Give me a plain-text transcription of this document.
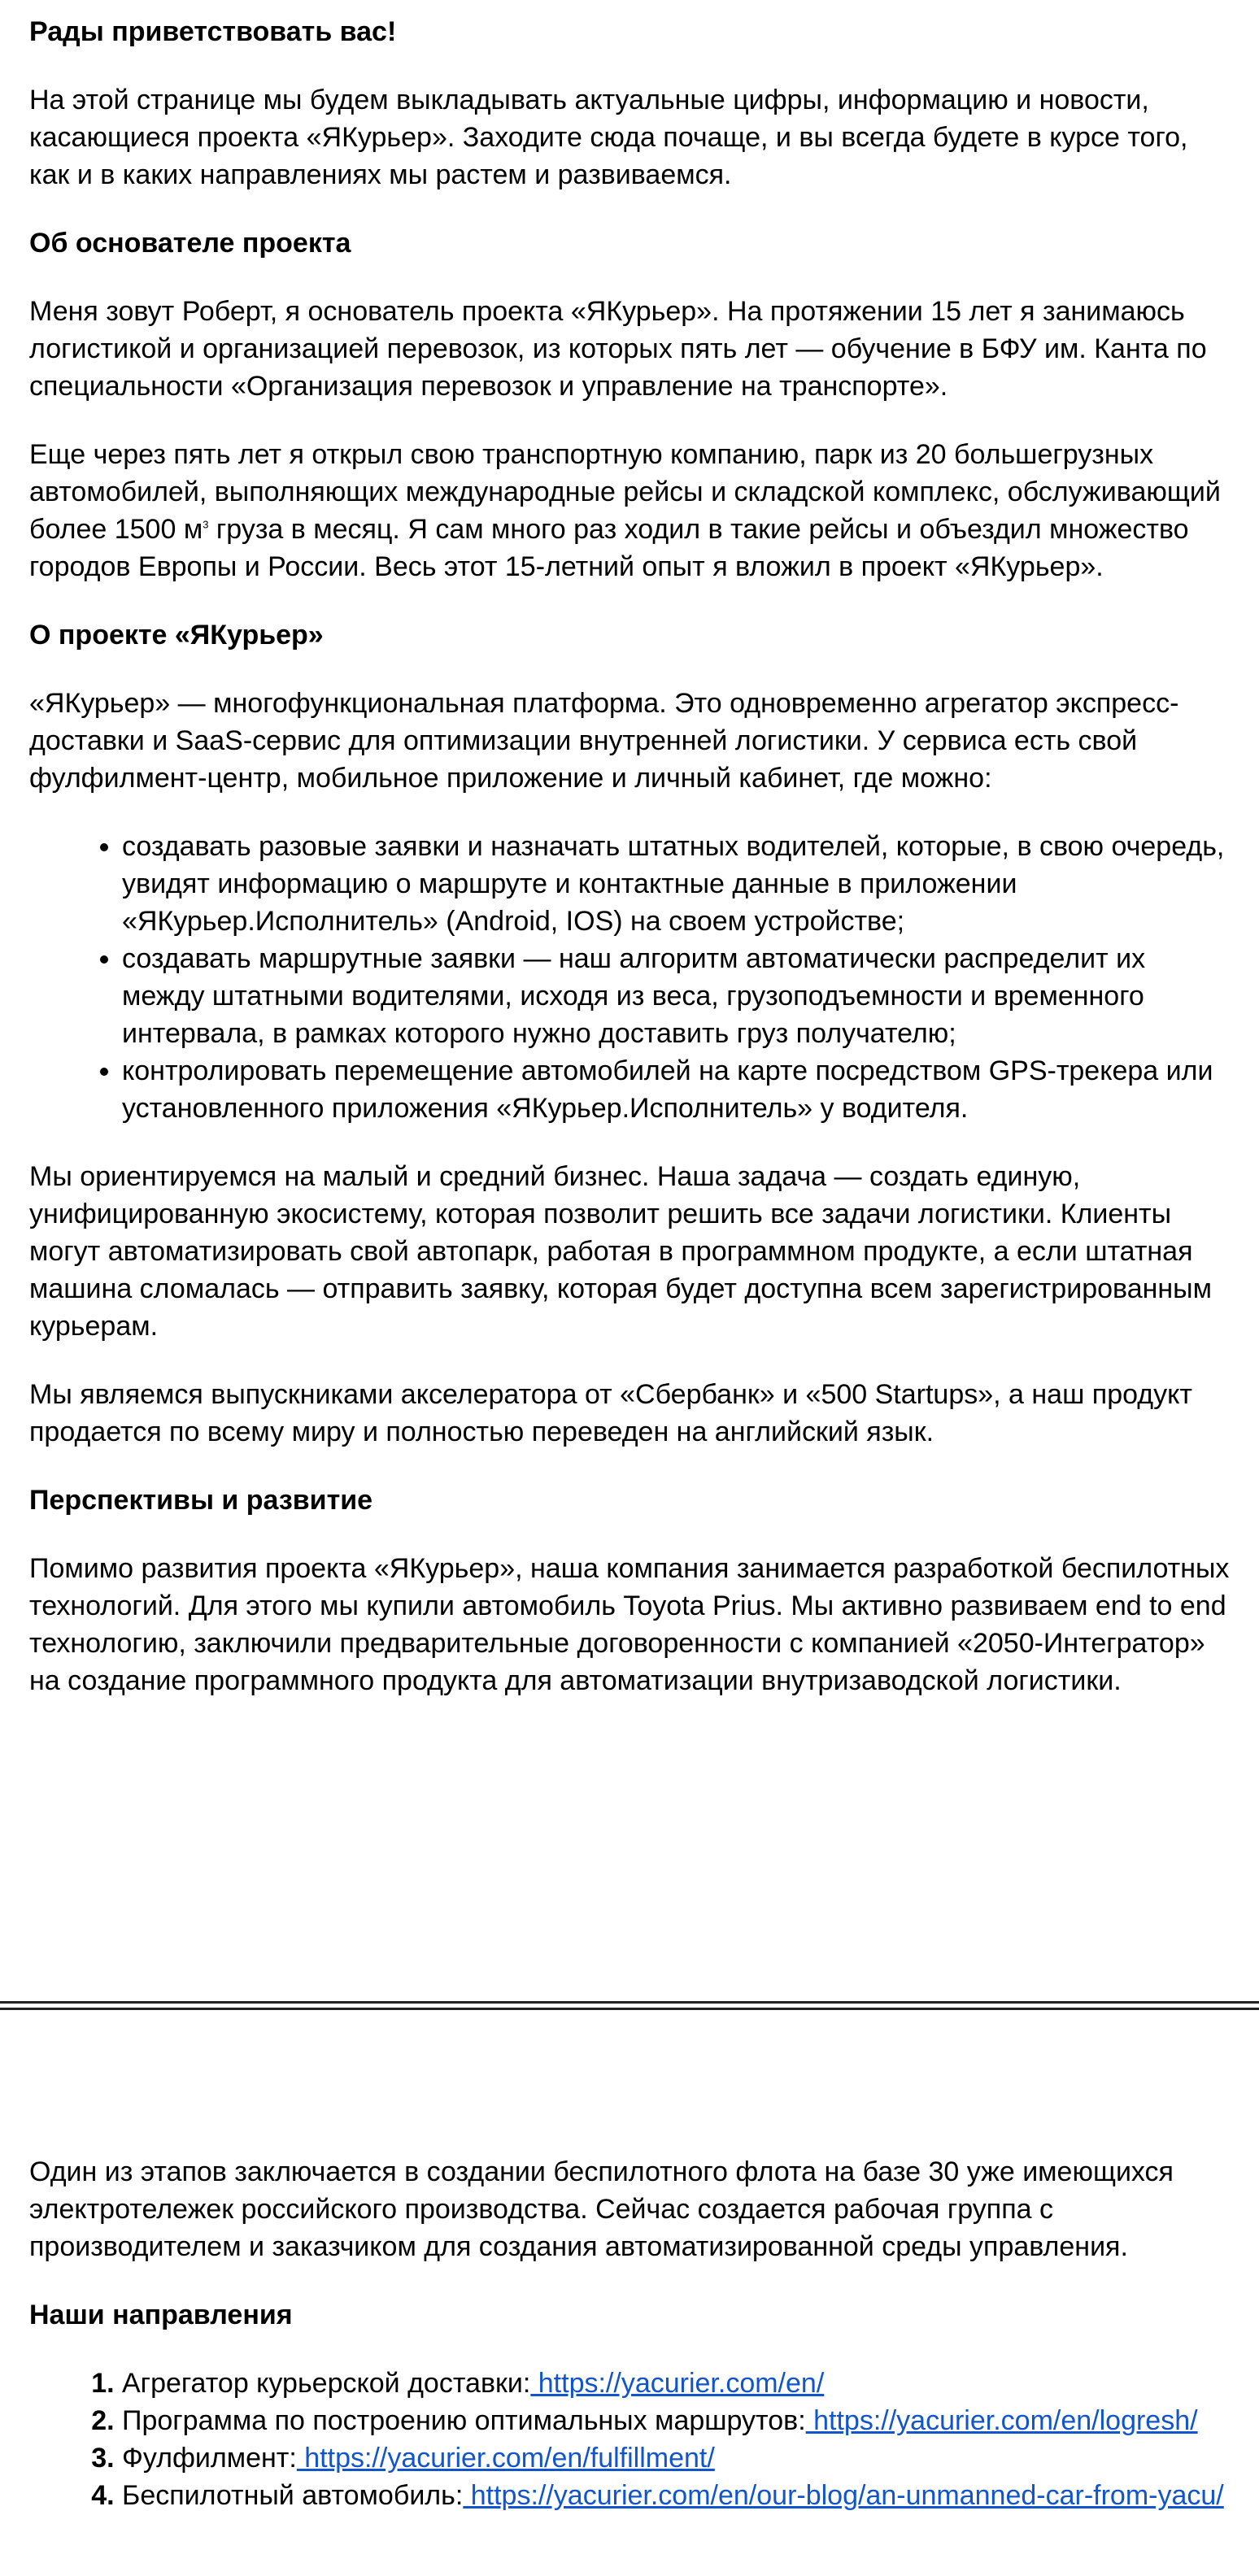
Рады приветствовать вас!

На этой странице мы будем выкладывать актуальные цифры, информацию и новости, касающиеся проекта «ЯКурьер». Заходите сюда почаще, и вы всегда будете в курсе того, как и в каких направлениях мы растем и развиваемся.

Об основателе проекта

Меня зовут Роберт, я основатель проекта «ЯКурьер». На протяжении 15 лет я занимаюсь логистикой и организацией перевозок, из которых пять лет — обучение в БФУ им. Канта по специальности «Организация перевозок и управление на транспорте».

Еще через пять лет я открыл свою транспортную компанию, парк из 20 большегрузных автомобилей, выполняющих международные рейсы и складской комплекс, обслуживающий более 1500 $м^3$ груза в месяц. Я сам много раз ходил в такие рейсы и объездил множество городов Европы и России. Весь этот 15-летний опыт я вложил в проект «ЯКурьер».

О проекте «ЯКурьер»

«ЯКурьер» — многофункциональная платформа. Это одновременно агрегатор экспресс-доставки и SaaS-сервис для оптимизации внутренней логистики. У сервиса есть свой фулфилмент-центр, мобильное приложение и личный кабинет, где можно:

• создавать разовые заявки и назначать штатных водителей, которые, в свою очередь, увидят информацию о маршруте и контактные данные в приложении «ЯКурьер.Исполнитель» (Android, IOS) на своем устройстве;
• создавать маршрутные заявки — наш алгоритм автоматически распределит их между штатными водителями, исходя из веса, грузоподъемности и временного интервала, в рамках которого нужно доставить груз получателю;
• контролировать перемещение автомобилей на карте посредством GPS-трекера или установленного приложения «ЯКурьер.Исполнитель» у водителя.

Мы ориентируемся на малый и средний бизнес. Наша задача — создать единую, унифицированную экосистему, которая позволит решить все задачи логистики. Клиенты могут автоматизировать свой автопарк, работая в программном продукте, а если штатная машина сломалась — отправить заявку, которая будет доступна всем зарегистрированным курьерам.

Мы являемся выпускниками акселератора от «Сбербанк» и «500 Startups», а наш продукт продается по всему миру и полностью переведен на английский язык.

Перспективы и развитие

Помимо развития проекта «ЯКурьер», наша компания занимается разработкой беспилотных технологий. Для этого мы купили автомобиль Toyota Prius. Мы активно развиваем end to end технологию, заключили предварительные договоренности с компанией «2050-Интегратор» на создание программного продукта для автоматизации внутризаводской логистики.

Один из этапов заключается в создании беспилотного флота на базе 30 уже имеющихся электротележек российского производства. Сейчас создается рабочая группа с производителем и заказчиком для создания автоматизированной среды управления.

Наши направления
1. Агрегатор курьерской доставки: https://yacurier.com/en/
2. Программа по построению оптимальных маршрутов: https://yacurier.com/en/logresh/
3. Фулфилмент: https://yacurier.com/en/fulfillment/
4. Беспилотный автомобиль: https://yacurier.com/en/our-blog/an-unmanned-car-from-yacu/
